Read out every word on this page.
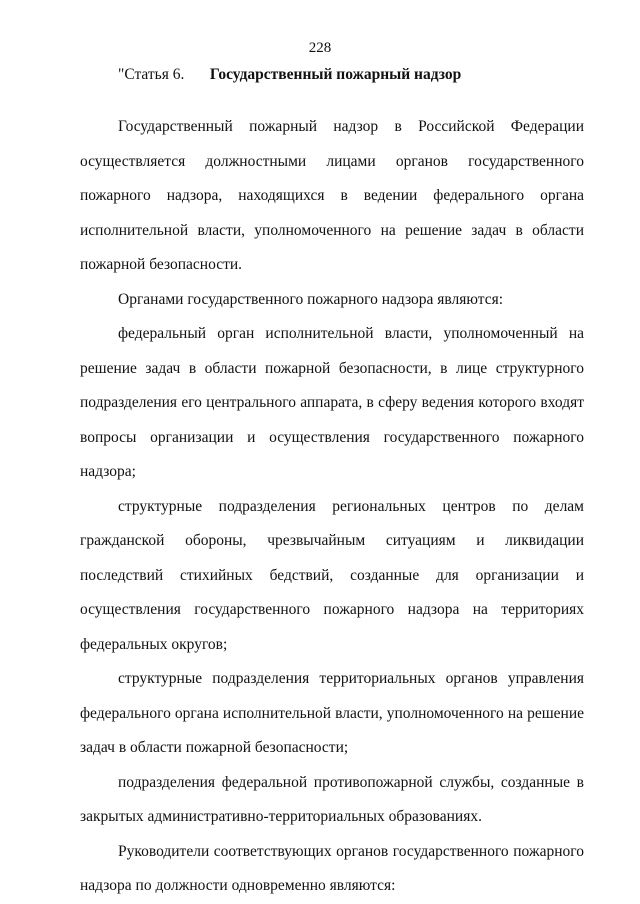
228
"Статья 6. Государственный пожарный надзор

Государственный пожарный надзор в Российской Федерации осуществляется должностными лицами органов государственного пожарного надзора, находящихся в ведении федерального органа исполнительной власти, уполномоченного на решение задач в области пожарной безопасности.

Органами государственного пожарного надзора являются:

федеральный орган исполнительной власти, уполномоченный на решение задач в области пожарной безопасности, в лице структурного подразделения его центрального аппарата, в сферу ведения которого входят вопросы организации и осуществления государственного пожарного надзора;

структурные подразделения региональных центров по делам гражданской обороны, чрезвычайным ситуациям и ликвидации последствий стихийных бедствий, созданные для организации и осуществления государственного пожарного надзора на территориях федеральных округов;

структурные подразделения территориальных органов управления федерального органа исполнительной власти, уполномоченного на решение задач в области пожарной безопасности;

подразделения федеральной противопожарной службы, созданные в закрытых административно-территориальных образованиях.

Руководители соответствующих органов государственного пожарного надзора по должности одновременно являются:
